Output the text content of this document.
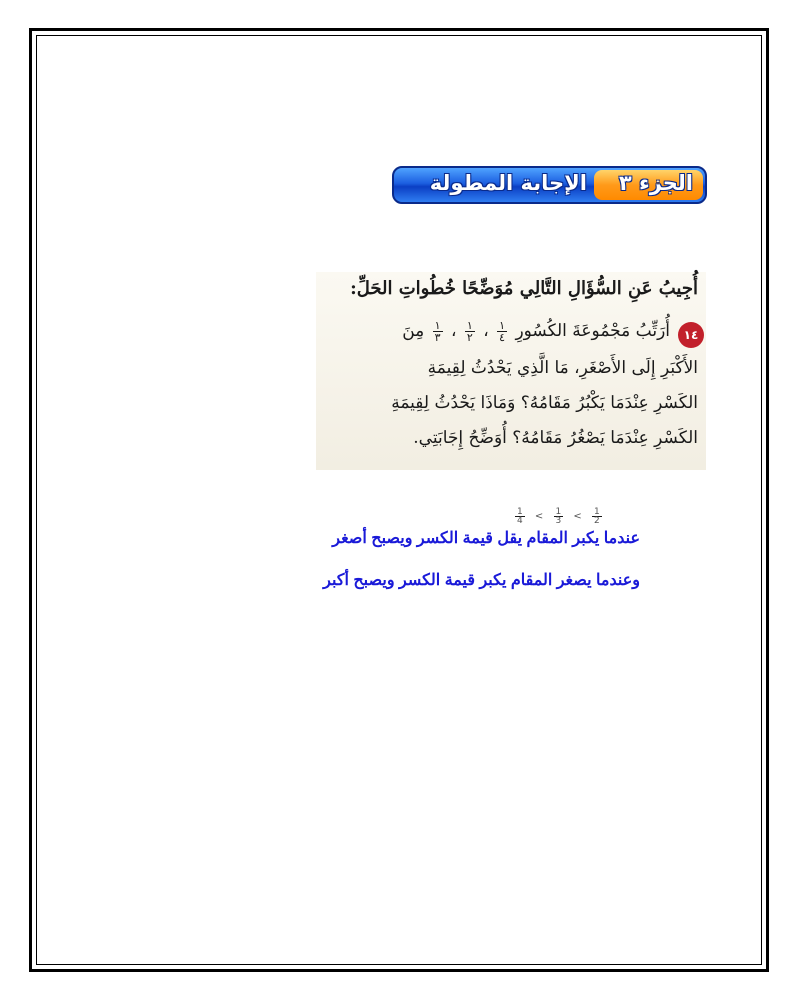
الجزء ٣
الإجابة المطولة
أُجِيبُ عَنِ السُّؤَالِ التَّالِي مُوَضِّحًا خُطُواتِ الحَلِّ:
١٤
أُرَتِّبُ مَجْمُوعَةَ الكُسُورِ
$\frac{١}{٤}$
،
$\frac{١}{٢}$
،
$\frac{١}{٣}$
مِنَ
الأَكْبَرِ إِلَى الأَصْغَرِ، مَا الَّذِي يَحْدُثُ لِقِيمَةِ
الكَسْرِ عِنْدَمَا يَكْبُرُ مَقَامُهُ؟ وَمَاذَا يَحْدُثُ لِقِيمَةِ
الكَسْرِ عِنْدَمَا يَصْغُرُ مَقَامُهُ؟ أُوَضِّحُ إِجَابَتِي.
$\frac{1}{4} < \frac{1}{3} < \frac{1}{2}$
عندما يكبر المقام يقل قيمة الكسر ويصبح أصغر
وعندما يصغر المقام يكبر قيمة الكسر ويصبح أكبر
